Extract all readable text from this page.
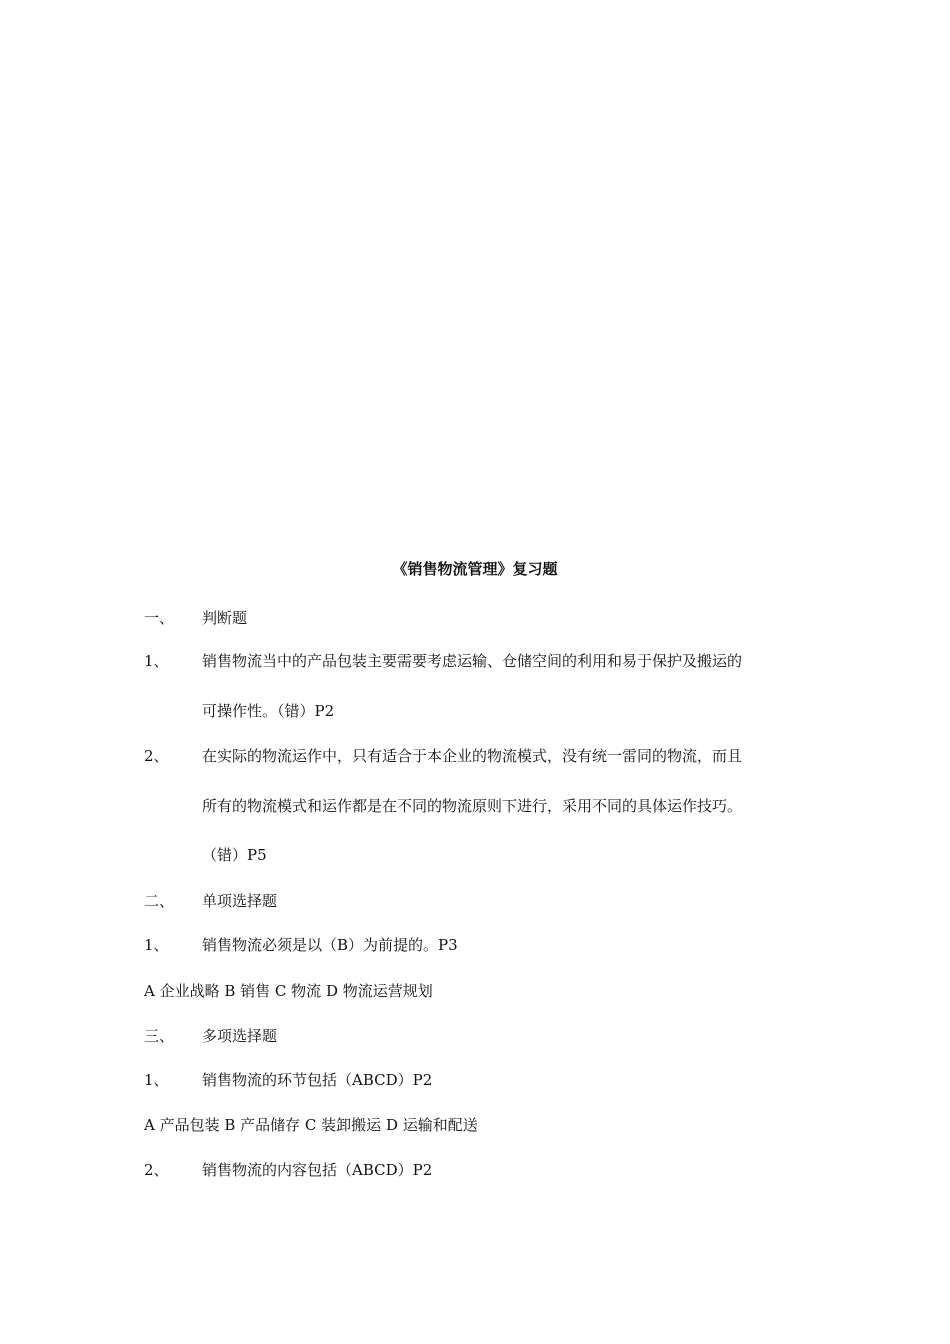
《销售物流管理》复习题
一、 判断题
1、 销售物流当中的产品包装主要需要考虑运输、仓储空间的利用和易于保护及搬运的
可操作性。（错）P2
2、 在实际的物流运作中，只有适合于本企业的物流模式，没有统一雷同的物流，而且
所有的物流模式和运作都是在不同的物流原则下进行，采用不同的具体运作技巧。
（错）P5
二、 单项选择题
1、 销售物流必须是以（B）为前提的。P3
A 企业战略 B 销售 C 物流 D 物流运营规划
三、 多项选择题
1、 销售物流的环节包括（ABCD）P2
A 产品包装 B 产品储存 C 装卸搬运 D 运输和配送
2、 销售物流的内容包括（ABCD）P2
